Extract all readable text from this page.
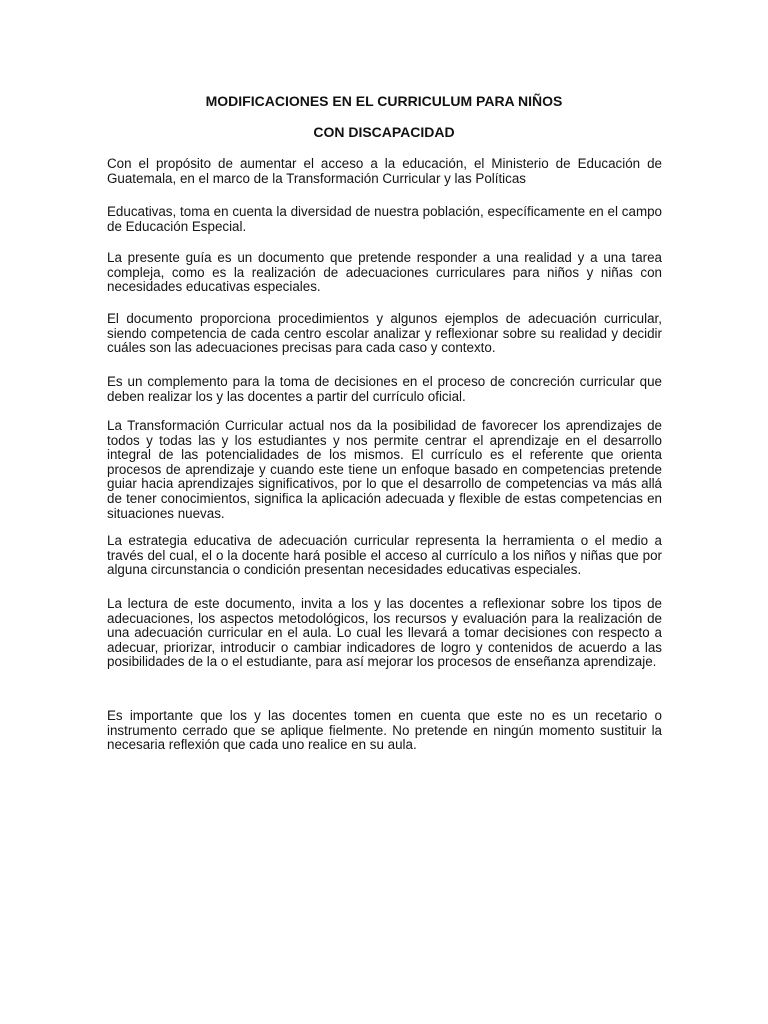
MODIFICACIONES EN EL CURRICULUM PARA NIÑOS
CON DISCAPACIDAD

Con el propósito de aumentar el acceso a la educación, el Ministerio de Educación de Guatemala, en el marco de la Transformación Curricular y las Políticas

Educativas, toma en cuenta la diversidad de nuestra población, específicamente en el campo de Educación Especial.

La presente guía es un documento que pretende responder a una realidad y a una tarea compleja, como es la realización de adecuaciones curriculares para niños y niñas con necesidades educativas especiales.

El documento proporciona procedimientos y algunos ejemplos de adecuación curricular, siendo competencia de cada centro escolar analizar y reflexionar sobre su realidad y decidir cuáles son las adecuaciones precisas para cada caso y contexto.

Es un complemento para la toma de decisiones en el proceso de concreción curricular que deben realizar los y las docentes a partir del currículo oficial.

La Transformación Curricular actual nos da la posibilidad de favorecer los aprendizajes de todos y todas las y los estudiantes y nos permite centrar el aprendizaje en el desarrollo integral de las potencialidades de los mismos. El currículo es el referente que orienta procesos de aprendizaje y cuando este tiene un enfoque basado en competencias pretende guiar hacia aprendizajes significativos, por lo que el desarrollo de competencias va más allá de tener conocimientos, significa la aplicación adecuada y flexible de estas competencias en situaciones nuevas.

La estrategia educativa de adecuación curricular representa la herramienta o el medio a través del cual, el o la docente hará posible el acceso al currículo a los niños y niñas que por alguna circunstancia o condición presentan necesidades educativas especiales.

La lectura de este documento, invita a los y las docentes a reflexionar sobre los tipos de adecuaciones, los aspectos metodológicos, los recursos y evaluación para la realización de una adecuación curricular en el aula. Lo cual les llevará a tomar decisiones con respecto a adecuar, priorizar, introducir o cambiar indicadores de logro y contenidos de acuerdo a las posibilidades de la o el estudiante, para así mejorar los procesos de enseñanza aprendizaje.

Es importante que los y las docentes tomen en cuenta que este no es un recetario o instrumento cerrado que se aplique fielmente. No pretende en ningún momento sustituir la necesaria reflexión que cada uno realice en su aula.
